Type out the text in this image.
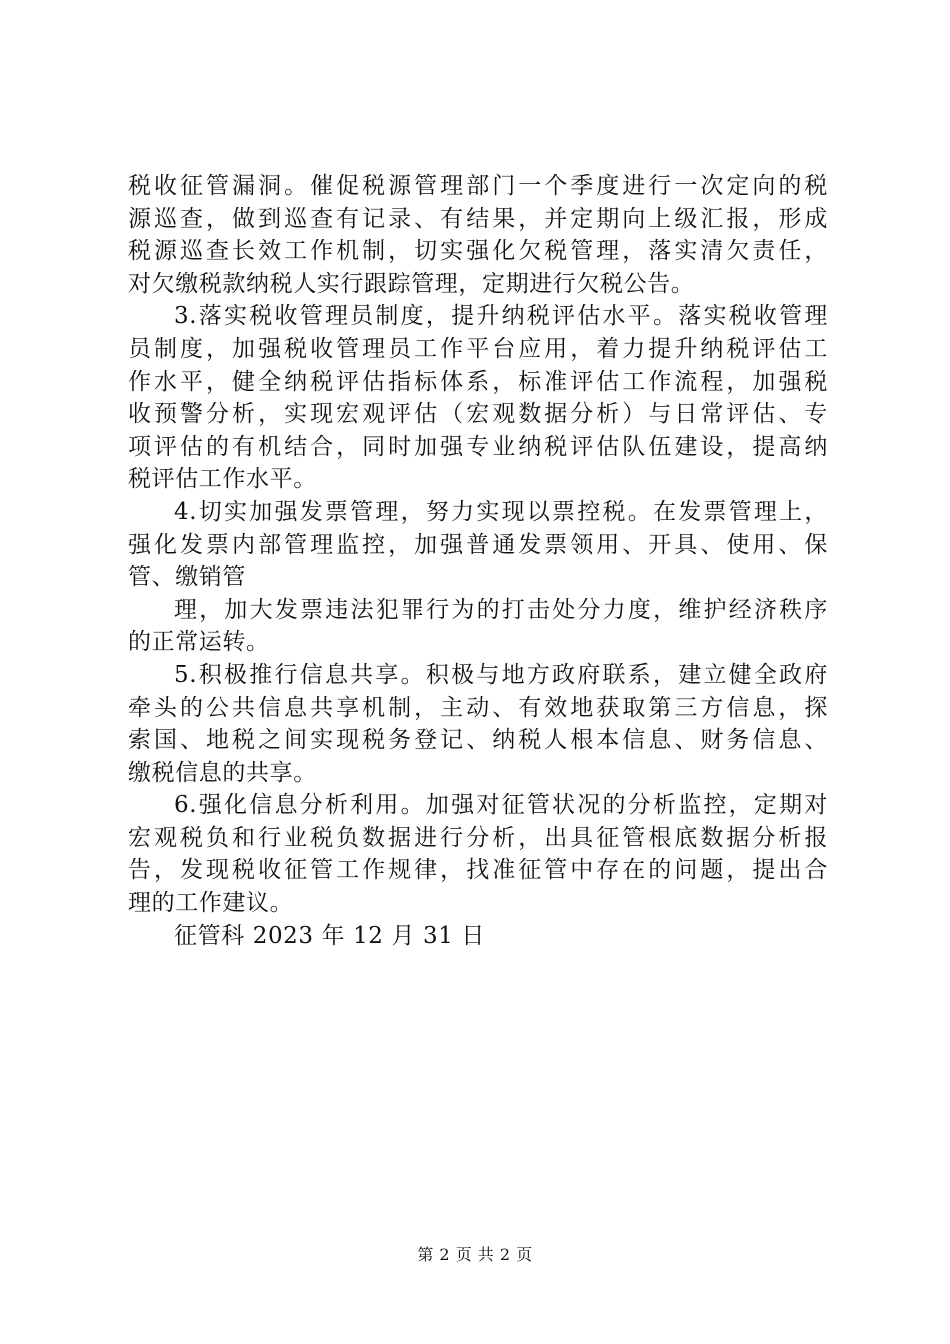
税收征管漏洞。催促税源管理部门一个季度进行一次定向的税
源巡查，做到巡查有记录、有结果，并定期向上级汇报，形成
税源巡查长效工作机制，切实强化欠税管理，落实清欠责任，
对欠缴税款纳税人实行跟踪管理，定期进行欠税公告。

3.落实税收管理员制度，提升纳税评估水平。落实税收管理
员制度，加强税收管理员工作平台应用，着力提升纳税评估工
作水平，健全纳税评估指标体系，标准评估工作流程，加强税
收预警分析，实现宏观评估（宏观数据分析）与日常评估、专
项评估的有机结合，同时加强专业纳税评估队伍建设，提高纳
税评估工作水平。

4.切实加强发票管理，努力实现以票控税。在发票管理上，
强化发票内部管理监控，加强普通发票领用、开具、使用、保
管、缴销管
理，加大发票违法犯罪行为的打击处分力度，维护经济秩序
的正常运转。

5.积极推行信息共享。积极与地方政府联系，建立健全政府
牵头的公共信息共享机制，主动、有效地获取第三方信息，探
索国、地税之间实现税务登记、纳税人根本信息、财务信息、
缴税信息的共享。

6.强化信息分析利用。加强对征管状况的分析监控，定期对
宏观税负和行业税负数据进行分析，出具征管根底数据分析报
告，发现税收征管工作规律，找准征管中存在的问题，提出合
理的工作建议。

征管科 2023 年 12 月 31 日

第 2 页 共 2 页
